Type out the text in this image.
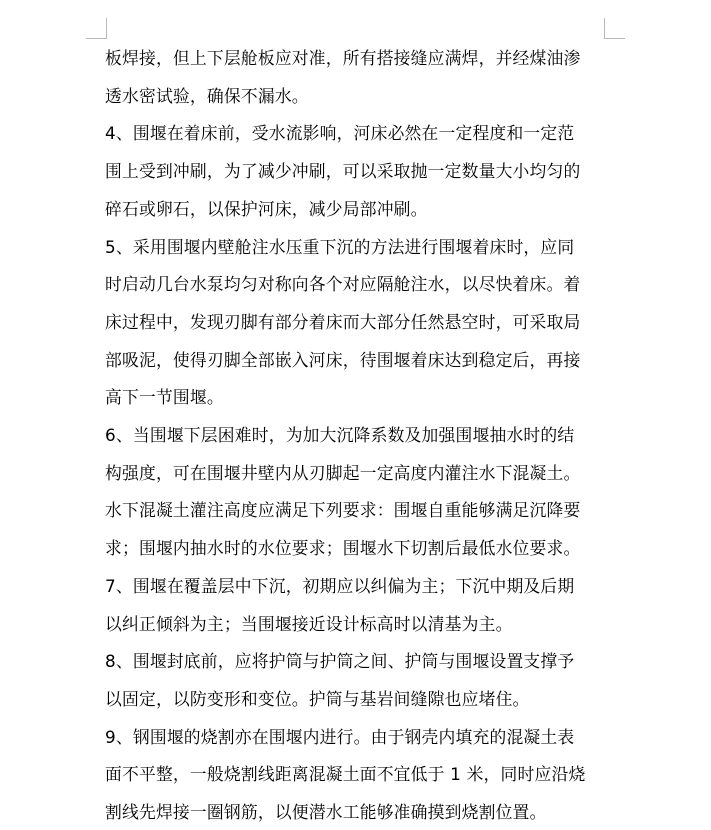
板焊接，但上下层舱板应对准，所有搭接缝应满焊，并经煤油渗
透水密试验，确保不漏水。

4、围堰在着床前，受水流影响，河床必然在一定程度和一定范
围上受到冲刷，为了减少冲刷，可以采取抛一定数量大小均匀的
碎石或卵石，以保护河床，减少局部冲刷。

5、采用围堰内壁舱注水压重下沉的方法进行围堰着床时，应同
时启动几台水泵均匀对称向各个对应隔舱注水，以尽快着床。着
床过程中，发现刃脚有部分着床而大部分任然悬空时，可采取局
部吸泥，使得刃脚全部嵌入河床，待围堰着床达到稳定后，再接
高下一节围堰。

6、当围堰下层困难时，为加大沉降系数及加强围堰抽水时的结
构强度，可在围堰井壁内从刃脚起一定高度内灌注水下混凝土。
水下混凝土灌注高度应满足下列要求：围堰自重能够满足沉降要
求；围堰内抽水时的水位要求；围堰水下切割后最低水位要求。

7、围堰在覆盖层中下沉，初期应以纠偏为主；下沉中期及后期
以纠正倾斜为主；当围堰接近设计标高时以清基为主。

8、围堰封底前，应将护筒与护筒之间、护筒与围堰设置支撑予
以固定，以防变形和变位。护筒与基岩间缝隙也应堵住。

9、钢围堰的烧割亦在围堰内进行。由于钢壳内填充的混凝土表
面不平整，一般烧割线距离混凝土面不宜低于 1 米，同时应沿烧
割线先焊接一圈钢筋，以便潜水工能够准确摸到烧割位置。
